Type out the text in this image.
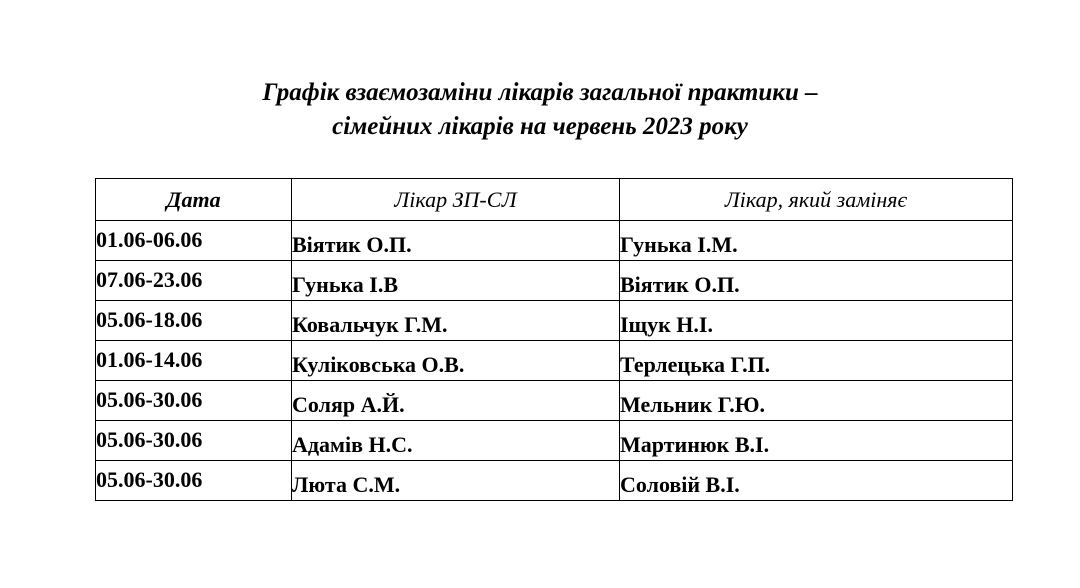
Графік взаємозаміни лікарів загальної практики –
сімейних лікарів на червень 2023 року
Дата	Лікар ЗП-СЛ	Лікар, який заміняє
01.06-06.06	Віятик О.П.	Гунька І.М.
07.06-23.06	Гунька І.В	Віятик О.П.
05.06-18.06	Ковальчук Г.М.	Іщук Н.І.
01.06-14.06	Куліковська О.В.	Терлецька Г.П.
05.06-30.06	Соляр А.Й.	Мельник Г.Ю.
05.06-30.06	Адамів Н.С.	Мартинюк В.І.
05.06-30.06	Люта С.М.	Соловій В.І.
